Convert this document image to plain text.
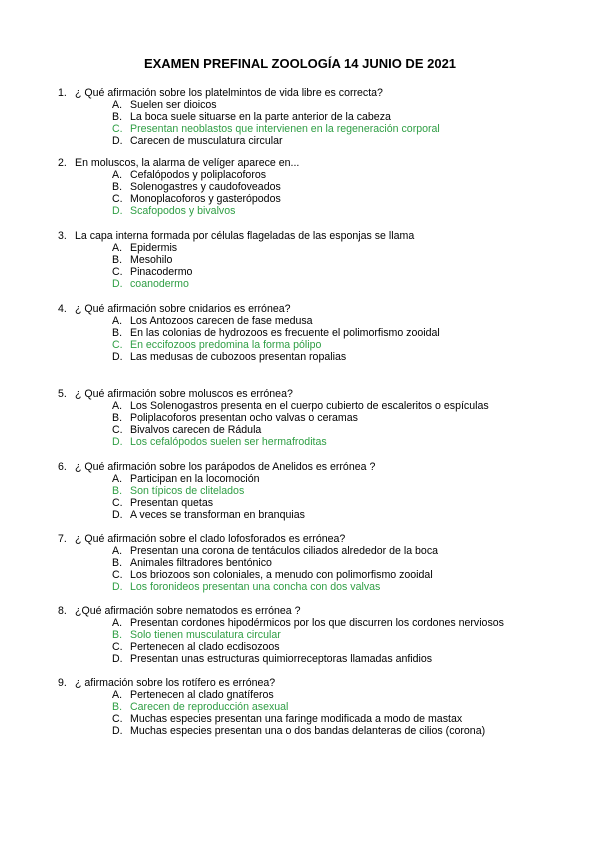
EXAMEN PREFINAL ZOOLOGÍA 14 JUNIO DE 2021
1. ¿ Qué afirmación sobre los platelmintos de vida libre es correcta?
A. Suelen ser dioicos
B. La boca suele situarse en la parte anterior de la cabeza
C. Presentan neoblastos que intervienen en la regeneración corporal
D. Carecen de musculatura circular
2. En moluscos, la alarma de velíger aparece en...
A. Cefalópodos y poliplacoforos
B. Solenogastres y caudofoveados
C. Monoplacoforos y gasterópodos
D. Scafopodos y bivalvos
3. La capa interna formada por células flageladas de las esponjas se llama
A. Epidermis
B. Mesohilo
C. Pinacodermo
D. coanodermo
4. ¿ Qué afirmación sobre cnidarios es errónea?
A. Los Antozoos carecen de fase medusa
B. En las colonias de hydrozoos es frecuente el polimorfismo zooidal
C. En eccifozoos predomina la forma pólipo
D. Las medusas de cubozoos presentan ropalias
5. ¿ Qué afirmación sobre moluscos es errónea?
A. Los Solenogastros presenta en el cuerpo cubierto de escaleritos o espículas
B. Poliplacoforos presentan ocho valvas o ceramas
C. Bivalvos carecen de Rádula
D. Los cefalópodos suelen ser hermafroditas
6. ¿ Qué afirmación sobre los parápodos de Anelidos es errónea ?
A. Participan en la locomoción
B. Son típicos de clitelados
C. Presentan quetas
D. A veces se transforman en branquias
7. ¿ Qué afirmación sobre el clado lofosforados es errónea?
A. Presentan una corona de tentáculos ciliados alrededor de la boca
B. Animales filtradores bentónico
C. Los briozoos son coloniales, a menudo con polimorfismo zooidal
D. Los foronideos presentan una concha con dos valvas
8. ¿Qué afirmación sobre nematodos es errónea ?
A. Presentan cordones hipodérmicos por los que discurren los cordones nerviosos
B. Solo tienen musculatura circular
C. Pertenecen al clado ecdisozoos
D. Presentan unas estructuras quimiorreceptoras llamadas anfidios
9. ¿ afirmación sobre los rotífero es errónea?
A. Pertenecen al clado gnatíferos
B. Carecen de reproducción asexual
C. Muchas especies presentan una faringe modificada a modo de mastax
D. Muchas especies presentan una o dos bandas delanteras de cilios (corona)
